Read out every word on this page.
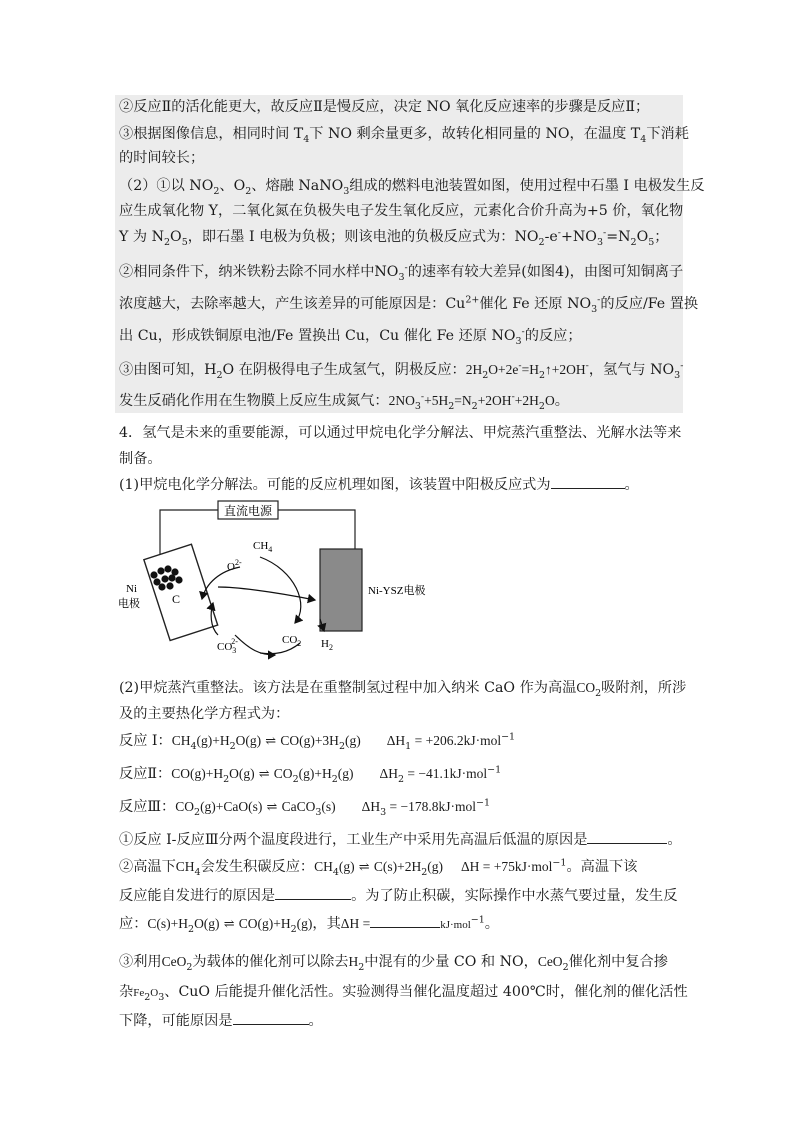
②反应Ⅱ的活化能更大，故反应Ⅱ是慢反应，决定 NO 氧化反应速率的步骤是反应Ⅱ；
③根据图像信息，相同时间 $T_4$下 NO 剩余量更多，故转化相同量的 NO，在温度 $T_4$下消耗
的时间较长；
（2）①以 $NO_2$、$O_2$、熔融 NaNO$_3$组成的燃料电池装置如图，使用过程中石墨 I 电极发生反
应生成氧化物 Y，二氧化氮在负极失电子发生氧化反应，元素化合价升高为+5 价，氧化物
Y 为 $N_2O_5$，即石墨 I 电极为负极；则该电池的负极反应式为：$NO_2-e^-+NO_3^-=N_2O_5$；
②相同条件下，纳米铁粉去除不同水样中$NO_3^-$的速率有较大差异(如图4)，由图可知铜离子
浓度越大，去除率越大，产生该差异的可能原因是：$Cu^{2+}$催化 Fe 还原 $NO_3^-$的反应/Fe 置换
出 Cu，形成铁铜原电池/Fe 置换出 Cu，Cu 催化 Fe 还原 $NO_3^-$的反应；
③由图可知，$H_2O$ 在阴极得电子生成氢气，阴极反应：$2H_2O+2e^-=H_2↑+2OH^-$，氢气与 $NO_3^-$
发生反硝化作用在生物膜上反应生成氮气：$2NO_3^-+5H_2=N_2+2OH^-+2H_2O$。
4．氢气是未来的重要能源，可以通过甲烷电化学分解法、甲烷蒸汽重整法、光解水法等来
制备。
(1)甲烷电化学分解法。可能的反应机理如图，该装置中阳极反应式为	。
直流电源
Ni
电极	C
Ni-YSZ电极
$CH_4$
$O^{2-}$
$CO_32-$	$CO_2$ $H_2$
(2)甲烷蒸汽重整法。该方法是在重整制氢过程中加入纳米 CaO 作为高温$CO_2$吸附剂，所涉
及的主要热化学方程式为：
反应 I：$CH_4(g)+H_2O(g)$ ⇌ $CO(g)+3H_2(g) \Delta H_1 = +206.2kJ\cdot mol^{-1}$
反应Ⅱ：$CO(g)+H_2O(g)$ ⇌ $CO_2(g)+H_2(g) \Delta H_2 = -41.1kJ\cdot mol^{-1}$
反应Ⅲ：$CO_2(g)+CaO(s)$ ⇌ CaCO$_3$(s) $\Delta H_3 = -178.8kJ\cdot mol^{-1}$
①反应 I-反应Ⅲ分两个温度段进行，工业生产中采用先高温后低温的原因是	。
②高温下$CH_4$会发生积碳反应：$CH_4(g)$ ⇌ $C(s)+2H_2(g) \Delta H = +75kJ\cdot mol^{-1}$。高温下该
反应能自发进行的原因是	。为了防止积碳，实际操作中水蒸气要过量，发生反
应：$C(s)+H_2O(g)$ ⇌ $CO(g)+H_2(g)$，其ΔH =	kJ·mol$^{-1}$。
③利用CeO$_2$为载体的催化剂可以除去$H_2$中混有的少量 CO 和 NO，CeO$_2$催化剂中复合掺
杂$Fe_2O_3$、CuO 后能提升催化活性。实验测得当催化温度超过 400℃时，催化剂的催化活性
下降，可能原因是	。
